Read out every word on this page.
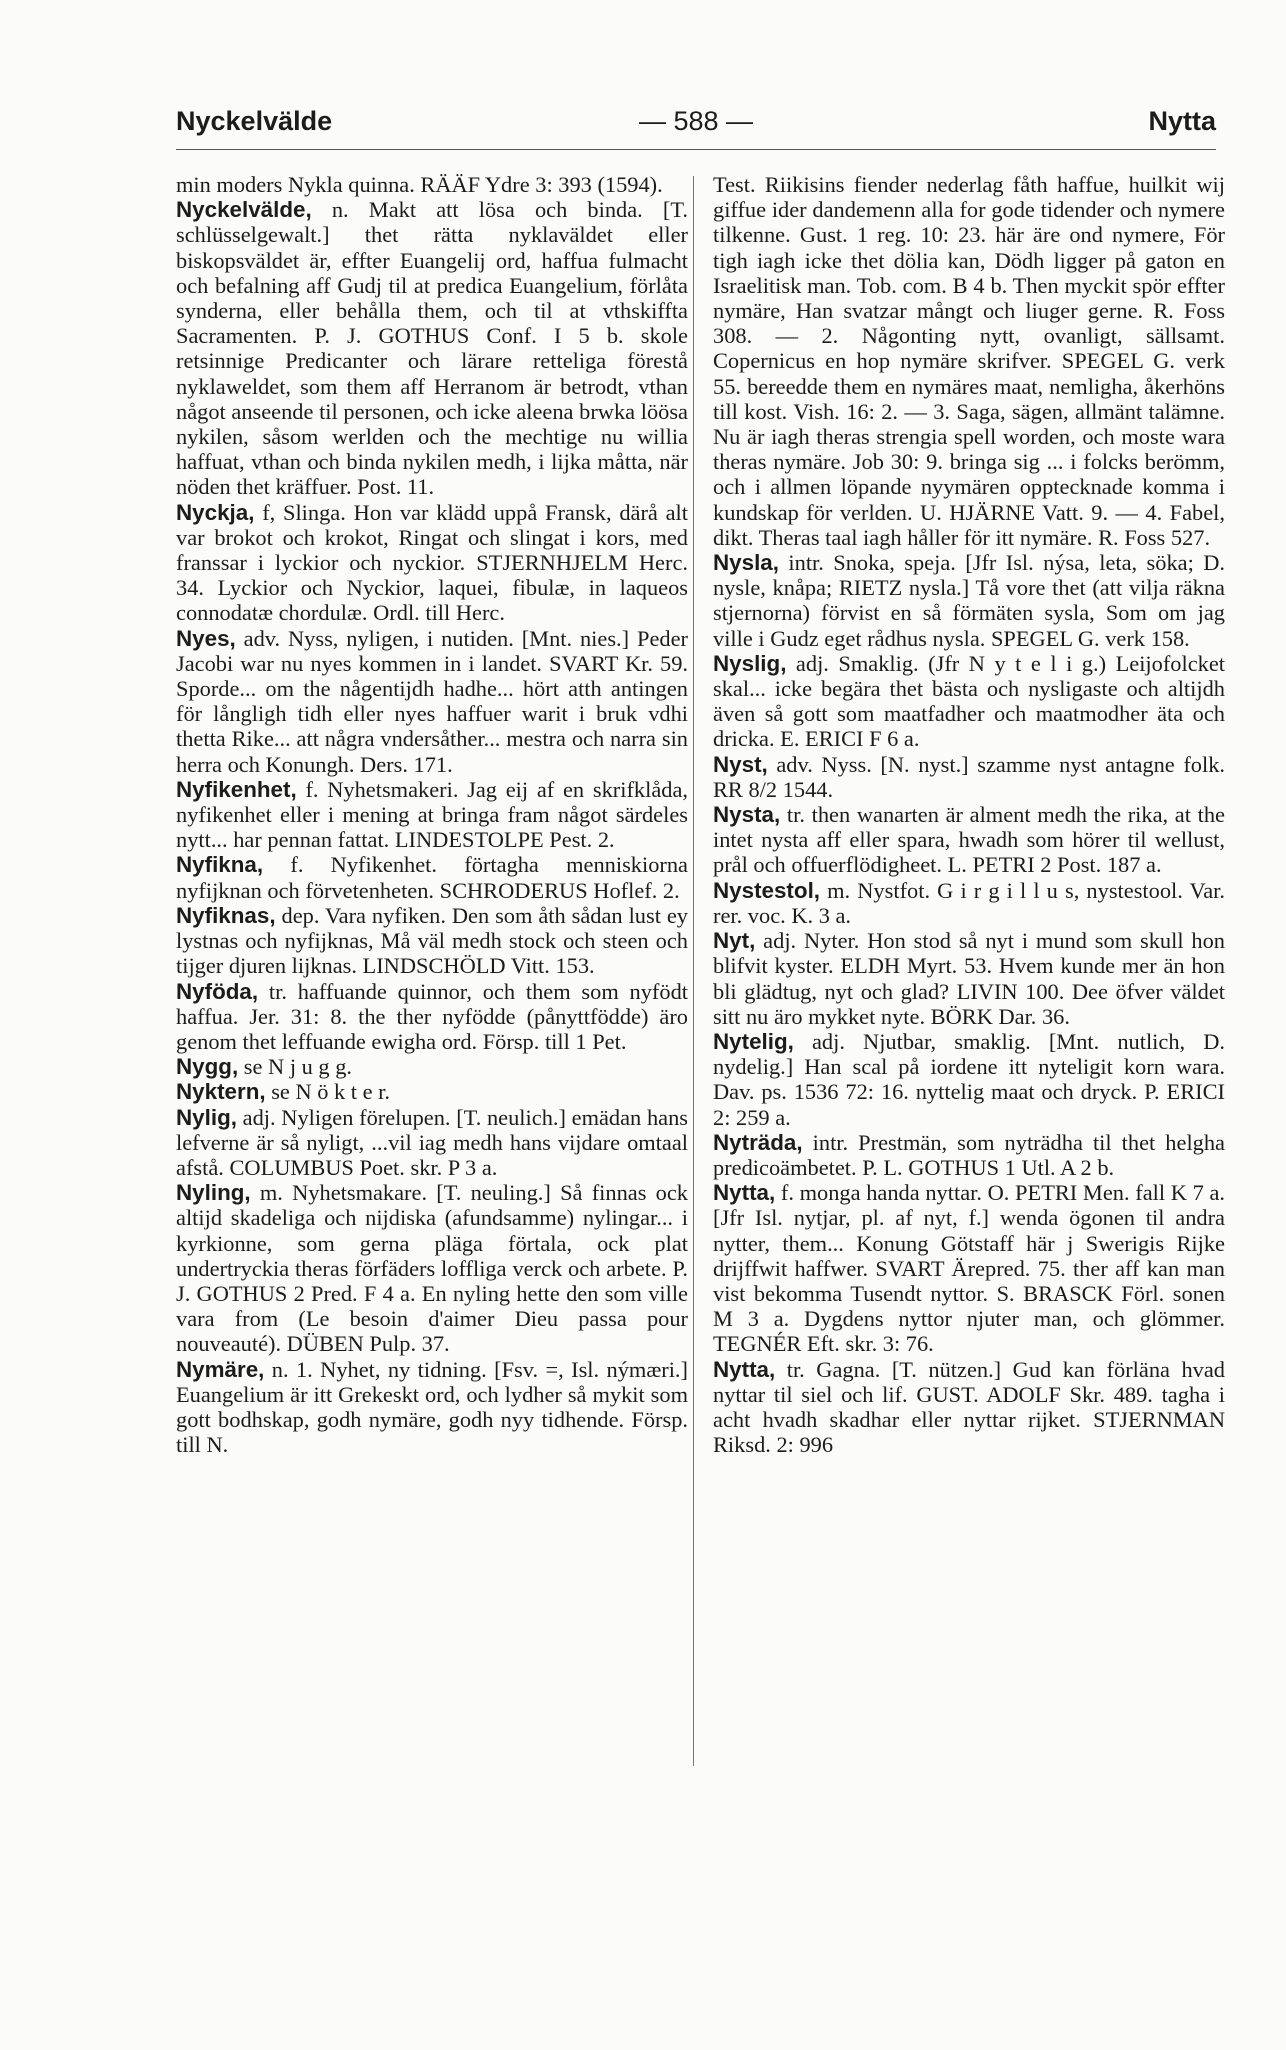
Nyckelvälde	— 588 —	Nytta

min moders Nykla quinna. RÄÄF Ydre 3: 393 (1594).

Nyckelvälde, n. Makt att lösa och binda. [T. schlüsselgewalt.] thet rätta nyklaväldet eller biskopsväldet är, effter Euangelij ord, haffua fulmacht och befalning aff Gudj til at predica Euangelium, förlåta synderna, eller behålla them, och til at vthskiffta Sacramenten. P. J. GOTHUS Conf. I 5 b. skole retsinnige Predicanter och lärare retteliga förestå nyklaweldet, som them aff Herranom är betrodt, vthan något anseende til personen, och icke aleena brwka löösa nykilen, såsom werlden och the mechtige nu willia haffuat, vthan och binda nykilen medh, i lijka måtta, när nöden thet kräffuer. Post. 11.

Nyckja, f, Slinga. Hon var klädd uppå Fransk, därå alt var brokot och krokot, Ringat och slingat i kors, med franssar i lyckior och nyckior. STJERNHJELM Herc. 34. Lyckior och Nyckior, laquei, fibulæ, in laqueos connodatæ chordulæ. Ordl. till Herc.

Nyes, adv. Nyss, nyligen, i nutiden. [Mnt. nies.] Peder Jacobi war nu nyes kommen in i landet. SVART Kr. 59. Sporde... om the någentijdh hadhe... hört atth antingen för långligh tidh eller nyes haffuer warit i bruk vdhi thetta Rike... att några vndersåther... mestra och narra sin herra och Konungh. Ders. 171.

Nyfikenhet, f. Nyhetsmakeri. Jag eij af en skrifklåda, nyfikenhet eller i mening at bringa fram något särdeles nytt... har pennan fattat. LINDESTOLPE Pest. 2.

Nyfikna, f. Nyfikenhet. förtagha menniskiorna nyfijknan och förvetenheten. SCHRODERUS Hoflef. 2.

Nyfiknas, dep. Vara nyfiken. Den som åth sådan lust ey lystnas och nyfijknas, Må väl medh stock och steen och tijger djuren lijknas. LINDSCHÖLD Vitt. 153.

Nyföda, tr. haffuande quinnor, och them som nyfödt haffua. Jer. 31: 8. the ther nyfödde (pånyttfödde) äro genom thet leffuande ewigha ord. Försp. till 1 Pet.

Nygg, se N j u g g.

Nyktern, se N ö k t e r.

Nylig, adj. Nyligen förelupen. [T. neulich.] emädan hans lefverne är så nyligt, ...vil iag medh hans vijdare omtaal afstå. COLUMBUS Poet. skr. P 3 a.

Nyling, m. Nyhetsmakare. [T. neuling.] Så finnas ock altijd skadeliga och nijdiska (afundsamme) nylingar... i kyrkionne, som gerna pläga förtala, ock plat undertryckia theras förfäders loffliga verck och arbete. P. J. GOTHUS 2 Pred. F 4 a. En nyling hette den som ville vara from (Le besoin d'aimer Dieu passa pour nouveauté). DÜBEN Pulp. 37.

Nymäre, n. 1. Nyhet, ny tidning. [Fsv. =, Isl. nýmæri.] Euangelium är itt Grekeskt ord, och lydher så mykit som gott bodhskap, godh nymäre, godh nyy tidhende. Försp. till N.

Test. Riikisins fiender nederlag fåth haffue, huilkit wij giffue ider dandemenn alla for gode tidender och nymere tilkenne. Gust. 1 reg. 10: 23. här äre ond nymere, För tigh iagh icke thet dölia kan, Dödh ligger på gaton en Israelitisk man. Tob. com. B 4 b. Then myckit spör effter nymäre, Han svatzar mångt och liuger gerne. R. Foss 308. — 2. Någonting nytt, ovanligt, sällsamt. Copernicus en hop nymäre skrifver. SPEGEL G. verk 55. bereedde them en nymäres maat, nemligha, åkerhöns till kost. Vish. 16: 2. — 3. Saga, sägen, allmänt talämne. Nu är iagh theras strengia spell worden, och moste wara theras nymäre. Job 30: 9. bringa sig ... i folcks berömm, och i allmen löpande nyymären opptecknade komma i kundskap för verlden. U. HJÄRNE Vatt. 9. — 4. Fabel, dikt. Theras taal iagh håller för itt nymäre. R. Foss 527.

Nysla, intr. Snoka, speja. [Jfr Isl. nýsa, leta, söka; D. nysle, knåpa; RIETZ nysla.] Tå vore thet (att vilja räkna stjernorna) förvist en så förmäten sysla, Som om jag ville i Gudz eget rådhus nysla. SPEGEL G. verk 158.

Nyslig, adj. Smaklig. (Jfr N y t e l i g.) Leijofolcket skal... icke begära thet bästa och nysligaste och altijdh även så gott som maatfadher och maatmodher äta och dricka. E. ERICI F 6 a.

Nyst, adv. Nyss. [N. nyst.] szamme nyst antagne folk. RR 8/2 1544.

Nysta, tr. then wanarten är alment medh the rika, at the intet nysta aff eller spara, hwadh som hörer til wellust, prål och offuerflödigheet. L. PETRI 2 Post. 187 a.

Nystestol, m. Nystfot. G i r g i l l u s, nystestool. Var. rer. voc. K. 3 a.

Nyt, adj. Nyter. Hon stod så nyt i mund som skull hon blifvit kyster. ELDH Myrt. 53. Hvem kunde mer än hon bli glädtug, nyt och glad? LIVIN 100. Dee öfver väldet sitt nu äro mykket nyte. BÖRK Dar. 36.

Nytelig, adj. Njutbar, smaklig. [Mnt. nutlich, D. nydelig.] Han scal på iordene itt nyteligit korn wara. Dav. ps. 1536 72: 16. nyttelig maat och dryck. P. ERICI 2: 259 a.

Nyträda, intr. Prestmän, som nyträdha til thet helgha predicoämbetet. P. L. GOTHUS 1 Utl. A 2 b.

Nytta, f. monga handa nyttar. O. PETRI Men. fall K 7 a. [Jfr Isl. nytjar, pl. af nyt, f.] wenda ögonen til andra nytter, them... Konung Götstaff här j Swerigis Rijke drijffwit haffwer. SVART Ärepred. 75. ther aff kan man vist bekomma Tusendt nyttor. S. BRASCK Förl. sonen M 3 a. Dygdens nyttor njuter man, och glömmer. TEGNÉR Eft. skr. 3: 76.

Nytta, tr. Gagna. [T. nützen.] Gud kan förläna hvad nyttar til siel och lif. GUST. ADOLF Skr. 489. tagha i acht hvadh skadhar eller nyttar rijket. STJERNMAN Riksd. 2: 996
